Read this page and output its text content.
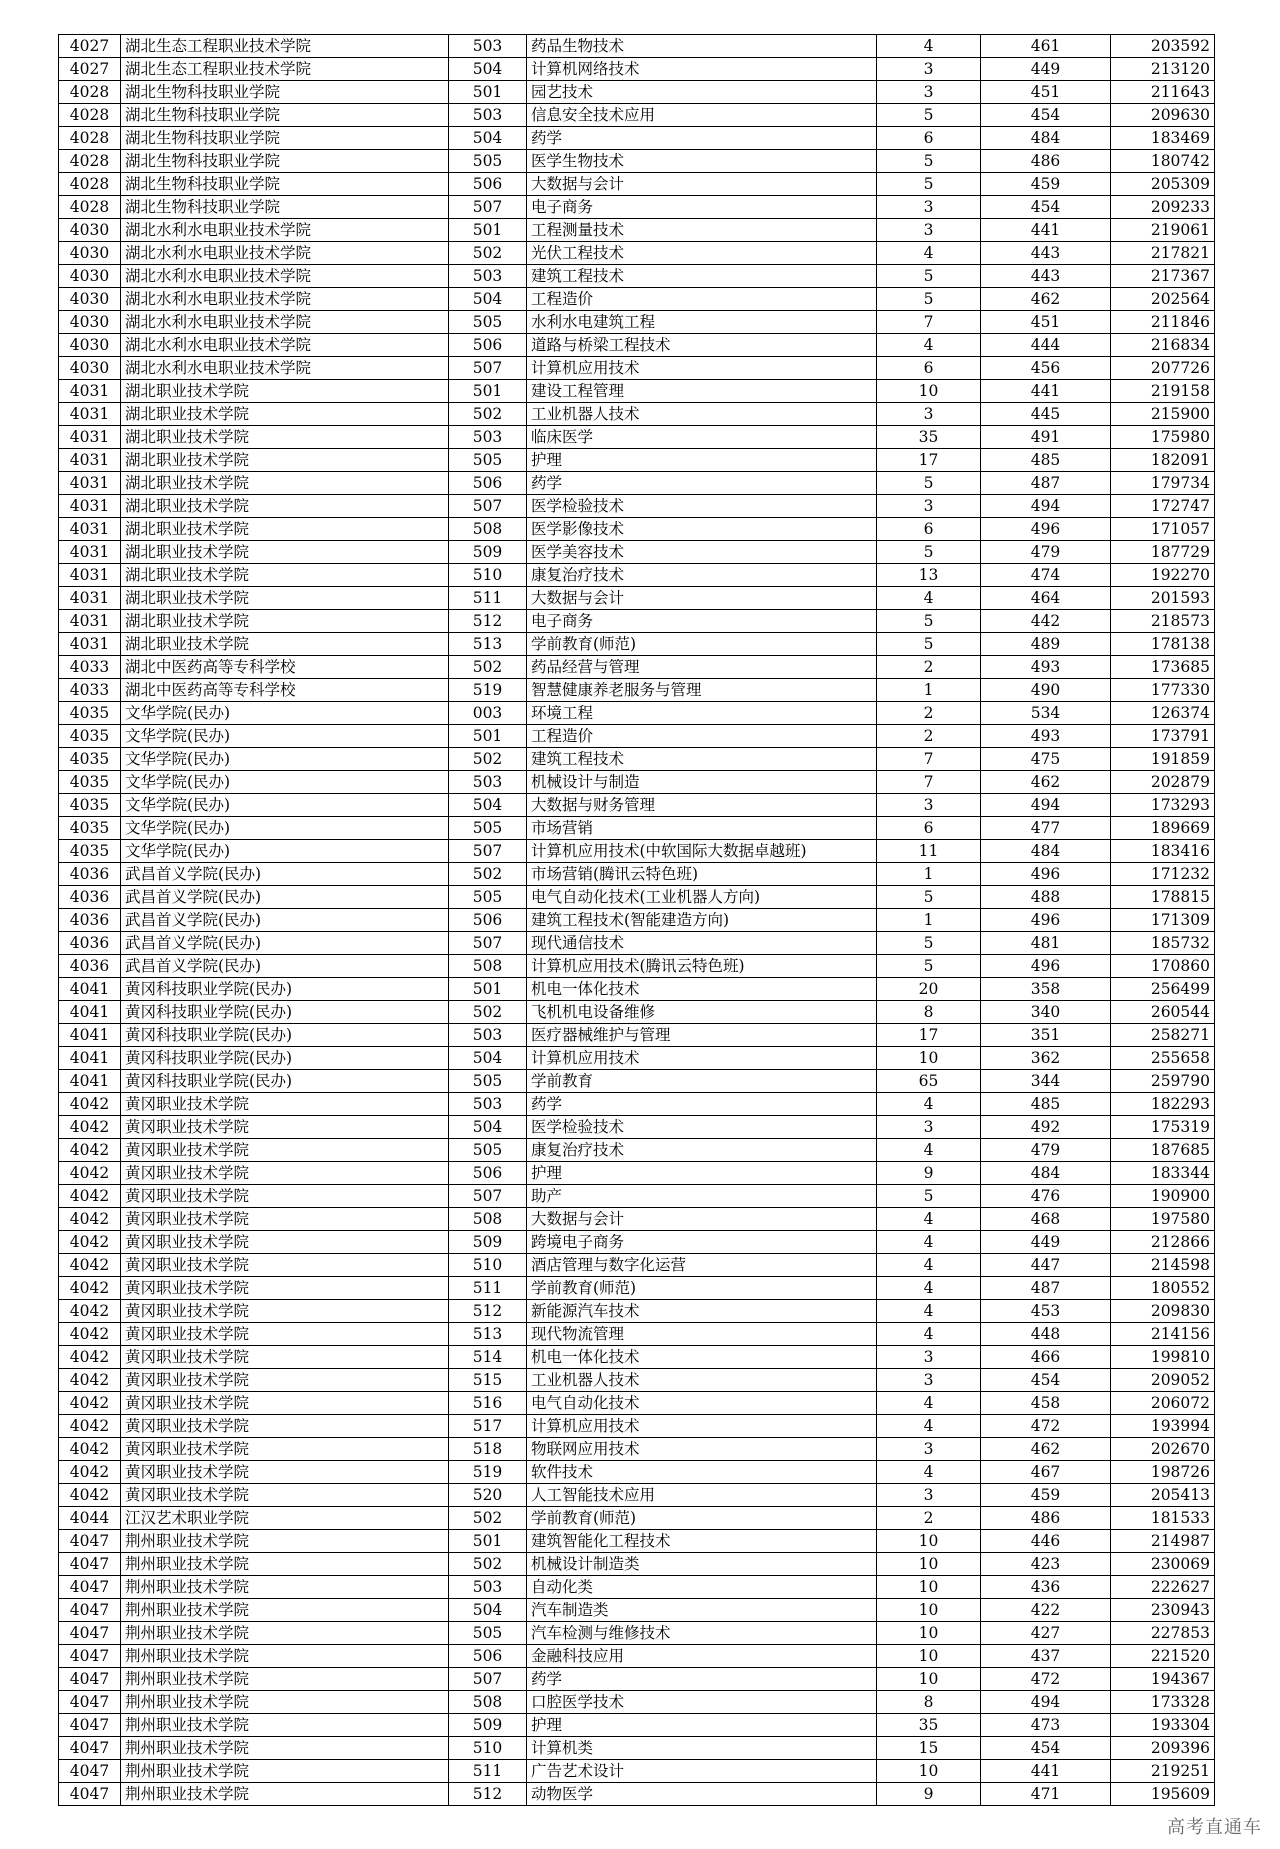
4027	湖北生态工程职业技术学院	503	药品生物技术	4	461	203592
4027	湖北生态工程职业技术学院	504	计算机网络技术	3	449	213120
4028	湖北生物科技职业学院	501	园艺技术	3	451	211643
4028	湖北生物科技职业学院	503	信息安全技术应用	5	454	209630
4028	湖北生物科技职业学院	504	药学	6	484	183469
4028	湖北生物科技职业学院	505	医学生物技术	5	486	180742
4028	湖北生物科技职业学院	506	大数据与会计	5	459	205309
4028	湖北生物科技职业学院	507	电子商务	3	454	209233
4030	湖北水利水电职业技术学院	501	工程测量技术	3	441	219061
4030	湖北水利水电职业技术学院	502	光伏工程技术	4	443	217821
4030	湖北水利水电职业技术学院	503	建筑工程技术	5	443	217367
4030	湖北水利水电职业技术学院	504	工程造价	5	462	202564
4030	湖北水利水电职业技术学院	505	水利水电建筑工程	7	451	211846
4030	湖北水利水电职业技术学院	506	道路与桥梁工程技术	4	444	216834
4030	湖北水利水电职业技术学院	507	计算机应用技术	6	456	207726
4031	湖北职业技术学院	501	建设工程管理	10	441	219158
4031	湖北职业技术学院	502	工业机器人技术	3	445	215900
4031	湖北职业技术学院	503	临床医学	35	491	175980
4031	湖北职业技术学院	505	护理	17	485	182091
4031	湖北职业技术学院	506	药学	5	487	179734
4031	湖北职业技术学院	507	医学检验技术	3	494	172747
4031	湖北职业技术学院	508	医学影像技术	6	496	171057
4031	湖北职业技术学院	509	医学美容技术	5	479	187729
4031	湖北职业技术学院	510	康复治疗技术	13	474	192270
4031	湖北职业技术学院	511	大数据与会计	4	464	201593
4031	湖北职业技术学院	512	电子商务	5	442	218573
4031	湖北职业技术学院	513	学前教育(师范)	5	489	178138
4033	湖北中医药高等专科学校	502	药品经营与管理	2	493	173685
4033	湖北中医药高等专科学校	519	智慧健康养老服务与管理	1	490	177330
4035	文华学院(民办)	003	环境工程	2	534	126374
4035	文华学院(民办)	501	工程造价	2	493	173791
4035	文华学院(民办)	502	建筑工程技术	7	475	191859
4035	文华学院(民办)	503	机械设计与制造	7	462	202879
4035	文华学院(民办)	504	大数据与财务管理	3	494	173293
4035	文华学院(民办)	505	市场营销	6	477	189669
4035	文华学院(民办)	507	计算机应用技术(中软国际大数据卓越班)	11	484	183416
4036	武昌首义学院(民办)	502	市场营销(腾讯云特色班)	1	496	171232
4036	武昌首义学院(民办)	505	电气自动化技术(工业机器人方向)	5	488	178815
4036	武昌首义学院(民办)	506	建筑工程技术(智能建造方向)	1	496	171309
4036	武昌首义学院(民办)	507	现代通信技术	5	481	185732
4036	武昌首义学院(民办)	508	计算机应用技术(腾讯云特色班)	5	496	170860
4041	黄冈科技职业学院(民办)	501	机电一体化技术	20	358	256499
4041	黄冈科技职业学院(民办)	502	飞机机电设备维修	8	340	260544
4041	黄冈科技职业学院(民办)	503	医疗器械维护与管理	17	351	258271
4041	黄冈科技职业学院(民办)	504	计算机应用技术	10	362	255658
4041	黄冈科技职业学院(民办)	505	学前教育	65	344	259790
4042	黄冈职业技术学院	503	药学	4	485	182293
4042	黄冈职业技术学院	504	医学检验技术	3	492	175319
4042	黄冈职业技术学院	505	康复治疗技术	4	479	187685
4042	黄冈职业技术学院	506	护理	9	484	183344
4042	黄冈职业技术学院	507	助产	5	476	190900
4042	黄冈职业技术学院	508	大数据与会计	4	468	197580
4042	黄冈职业技术学院	509	跨境电子商务	4	449	212866
4042	黄冈职业技术学院	510	酒店管理与数字化运营	4	447	214598
4042	黄冈职业技术学院	511	学前教育(师范)	4	487	180552
4042	黄冈职业技术学院	512	新能源汽车技术	4	453	209830
4042	黄冈职业技术学院	513	现代物流管理	4	448	214156
4042	黄冈职业技术学院	514	机电一体化技术	3	466	199810
4042	黄冈职业技术学院	515	工业机器人技术	3	454	209052
4042	黄冈职业技术学院	516	电气自动化技术	4	458	206072
4042	黄冈职业技术学院	517	计算机应用技术	4	472	193994
4042	黄冈职业技术学院	518	物联网应用技术	3	462	202670
4042	黄冈职业技术学院	519	软件技术	4	467	198726
4042	黄冈职业技术学院	520	人工智能技术应用	3	459	205413
4044	江汉艺术职业学院	502	学前教育(师范)	2	486	181533
4047	荆州职业技术学院	501	建筑智能化工程技术	10	446	214987
4047	荆州职业技术学院	502	机械设计制造类	10	423	230069
4047	荆州职业技术学院	503	自动化类	10	436	222627
4047	荆州职业技术学院	504	汽车制造类	10	422	230943
4047	荆州职业技术学院	505	汽车检测与维修技术	10	427	227853
4047	荆州职业技术学院	506	金融科技应用	10	437	221520
4047	荆州职业技术学院	507	药学	10	472	194367
4047	荆州职业技术学院	508	口腔医学技术	8	494	173328
4047	荆州职业技术学院	509	护理	35	473	193304
4047	荆州职业技术学院	510	计算机类	15	454	209396
4047	荆州职业技术学院	511	广告艺术设计	10	441	219251
4047	荆州职业技术学院	512	动物医学	9	471	195609
高考直通车
